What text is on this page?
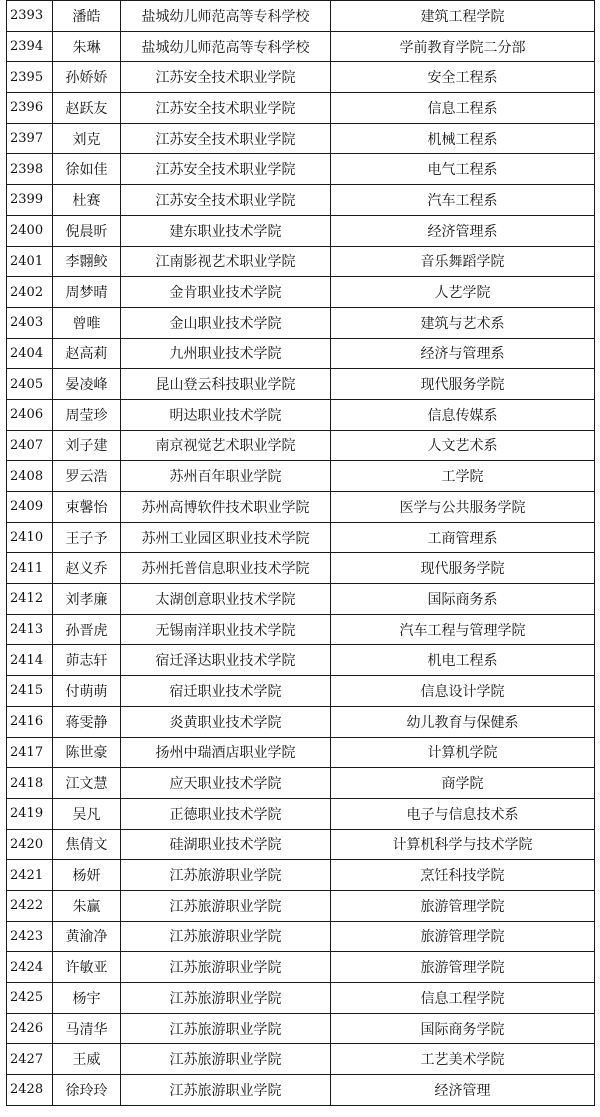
2393	潘皓	盐城幼儿师范高等专科学校	建筑工程学院
2394	朱琳	盐城幼儿师范高等专科学校	学前教育学院二分部
2395	孙娇娇	江苏安全技术职业学院	安全工程系
2396	赵跃友	江苏安全技术职业学院	信息工程系
2397	刘克	江苏安全技术职业学院	机械工程系
2398	徐如佳	江苏安全技术职业学院	电气工程系
2399	杜赛	江苏安全技术职业学院	汽车工程系
2400	倪晨昕	建东职业技术学院	经济管理系
2401	李翾鲛	江南影视艺术职业学院	音乐舞蹈学院
2402	周梦晴	金肯职业技术学院	人艺学院
2403	曾唯	金山职业技术学院	建筑与艺术系
2404	赵高莉	九州职业技术学院	经济与管理系
2405	晏凌峰	昆山登云科技职业学院	现代服务学院
2406	周莹珍	明达职业技术学院	信息传媒系
2407	刘子建	南京视觉艺术职业学院	人文艺术系
2408	罗云浩	苏州百年职业学院	工学院
2409	束馨怡	苏州高博软件技术职业学院	医学与公共服务学院
2410	王子予	苏州工业园区职业技术学院	工商管理系
2411	赵义乔	苏州托普信息职业技术学院	现代服务学院
2412	刘孝廉	太湖创意职业技术学院	国际商务系
2413	孙晋虎	无锡南洋职业技术学院	汽车工程与管理学院
2414	茆志轩	宿迁泽达职业技术学院	机电工程系
2415	付萌萌	宿迁职业技术学院	信息设计学院
2416	蒋雯静	炎黄职业技术学院	幼儿教育与保健系
2417	陈世豪	扬州中瑞酒店职业学院	计算机学院
2418	江文慧	应天职业技术学院	商学院
2419	吴凡	正德职业技术学院	电子与信息技术系
2420	焦倩文	硅湖职业技术学院	计算机科学与技术学院
2421	杨妍	江苏旅游职业学院	烹饪科技学院
2422	朱赢	江苏旅游职业学院	旅游管理学院
2423	黄渝净	江苏旅游职业学院	旅游管理学院
2424	许敏亚	江苏旅游职业学院	旅游管理学院
2425	杨宇	江苏旅游职业学院	信息工程学院
2426	马清华	江苏旅游职业学院	国际商务学院
2427	王威	江苏旅游职业学院	工艺美术学院
2428	徐玲玲	江苏旅游职业学院	经济管理
